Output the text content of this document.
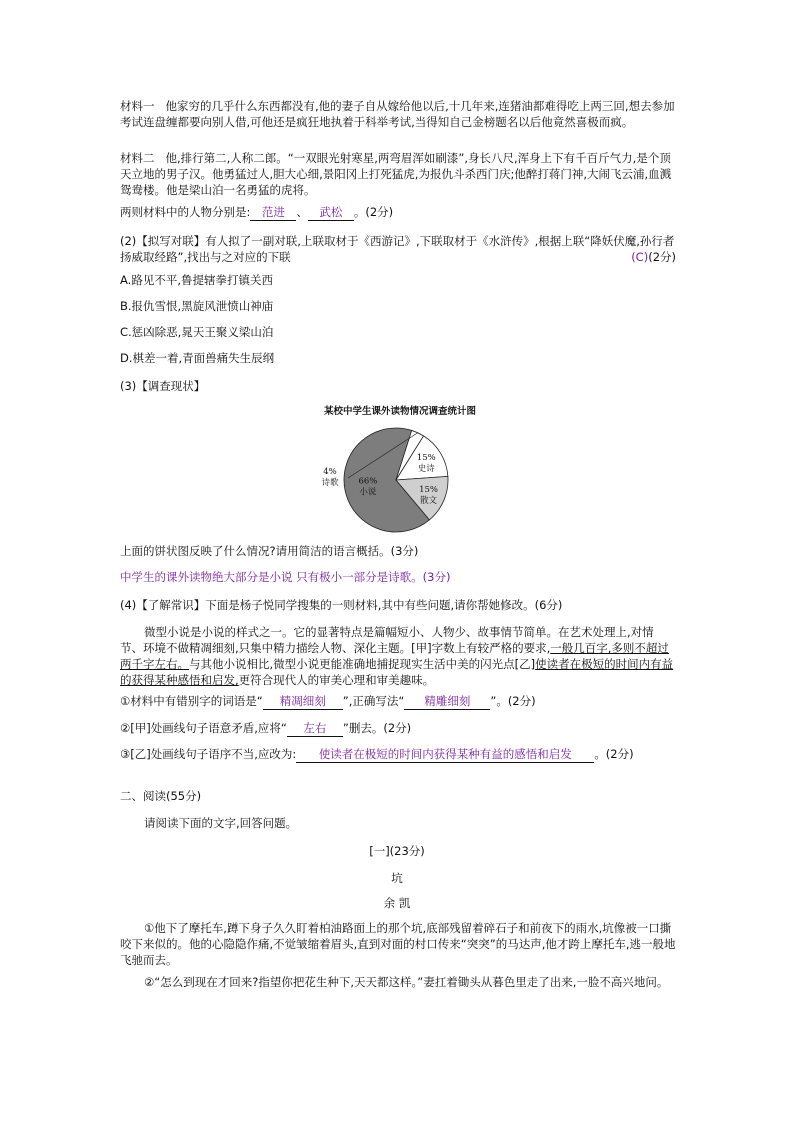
材料一 他家穷的几乎什么东西都没有,他的妻子自从嫁给他以后,十几年来,连猪油都难得吃上两三回,想去参加考试连盘缠都要向别人借,可他还是疯狂地执着于科举考试,当得知自己金榜题名以后他竟然喜极而疯。

材料二 他,排行第二,人称二郎。“一双眼光射寒星,两弯眉浑如刷漆”,身长八尺,浑身上下有千百斤气力,是个顶天立地的男子汉。他勇猛过人,胆大心细,景阳冈上打死猛虎,为报仇斗杀西门庆;他醉打蒋门神,大闹飞云浦,血溅鸳鸯楼。他是梁山泊一名勇猛的虎将。

两则材料中的人物分别是: 范进 、 武松 。(2分)

(2)【拟写对联】有人拟了一副对联,上联取材于《西游记》,下联取材于《水浒传》,根据上联“降妖伏魔,孙行者扬威取经路”,找出与之对应的下联	(C)(2分)

A.路见不平,鲁提辖拳打镇关西

B.报仇雪恨,黑旋风泄愤山神庙

C.惩凶除恶,晁天王聚义梁山泊

D.棋差一着,青面兽痛失生辰纲

(3)【调查现状】

某校中学生课外读物情况调查统计图
66%
小说
4%
诗歌
15%
史诗
15%
散文

上面的饼状图反映了什么情况?请用简洁的语言概括。(3分)

中学生的课外读物绝大部分是小说 只有极小一部分是诗歌。(3分)

(4)【了解常识】下面是杨子悦同学搜集的一则材料,其中有些问题,请你帮她修改。(6分)

微型小说是小说的样式之一。它的显著特点是篇幅短小、人物少、故事情节简单。在艺术处理上,对情节、环境不做精凋细刻,只集中精力描绘人物、深化主题。[甲]字数上有较严格的要求,一般几百字,多则不超过两千字左右。与其他小说相比,微型小说更能准确地捕捉现实生活中美的闪光点[乙]使读者在极短的时间内有益的获得某种感悟和启发,更符合现代人的审美心理和审美趣味。

①材料中有错别字的词语是“ 精凋细刻 ”,正确写法“ 精雕细刻 ”。(2分)

②[甲]处画线句子语意矛盾,应将“ 左右 ”删去。(2分)

③[乙]处画线句子语序不当,应改为: 使读者在极短的时间内获得某种有益的感悟和启发 。(2分)

二、阅读(55分)

请阅读下面的文字,回答问题。

[一](23分)
坑
余 凯

①他下了摩托车,蹲下身子久久盯着柏油路面上的那个坑,底部残留着碎石子和前夜下的雨水,坑像被一口撕咬下来似的。他的心隐隐作痛,不觉皱缩着眉头,直到对面的村口传来“突突”的马达声,他才跨上摩托车,逃一般地飞驰而去。

②“怎么到现在才回来?指望你把花生种下,天天都这样。”妻扛着锄头从暮色里走了出来,一脸不高兴地问。
